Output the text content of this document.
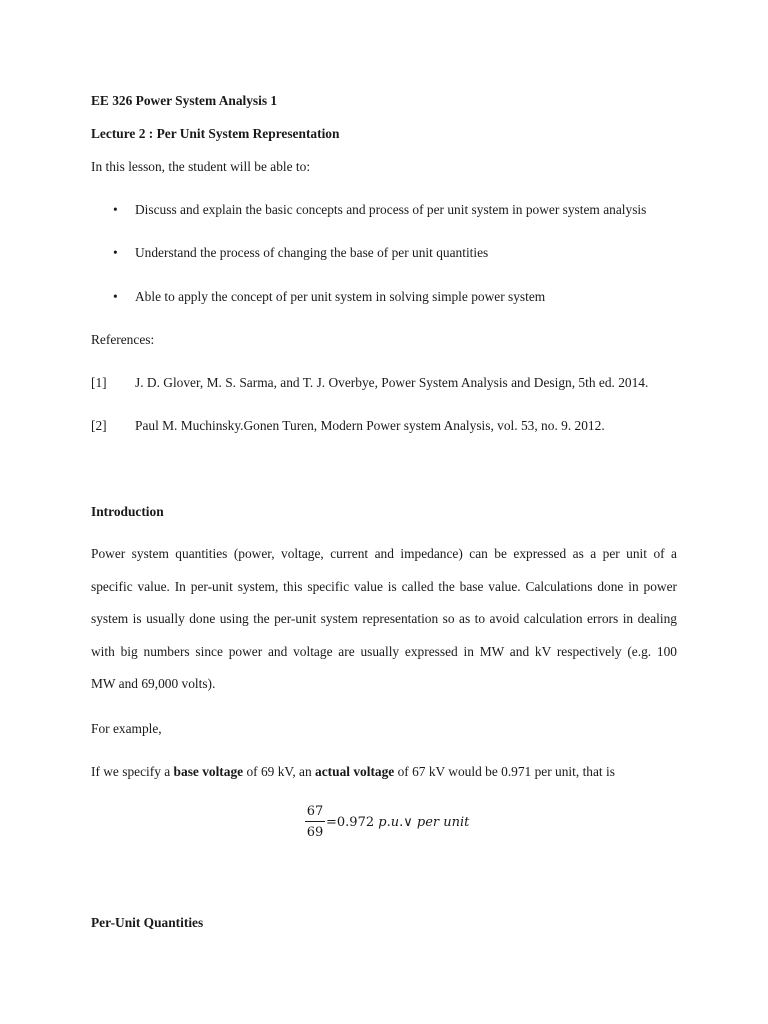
EE 326 Power System Analysis 1
Lecture 2 : Per Unit System Representation
In this lesson, the student will be able to:
• Discuss and explain the basic concepts and process of per unit system in power system analysis
• Understand the process of changing the base of per unit quantities
• Able to apply the concept of per unit system in solving simple power system
References:
[1] J. D. Glover, M. S. Sarma, and T. J. Overbye, Power System Analysis and Design, 5th ed. 2014.
[2] Paul M. Muchinsky.Gonen Turen, Modern Power system Analysis, vol. 53, no. 9. 2012.
Introduction
Power system quantities (power, voltage, current and impedance) can be expressed as a per unit of a
specific value. In per-unit system, this specific value is called the base value. Calculations done in power
system is usually done using the per-unit system representation so as to avoid calculation errors in dealing
with big numbers since power and voltage are usually expressed in MW and kV respectively (e.g. 100
MW and 69,000 volts).
For example,
If we specify a base voltage of 69 kV, an actual voltage of 67 kV would be 0.971 per unit, that is
67
69
=0.972 p.u.∨ per unit
Per-Unit Quantities
